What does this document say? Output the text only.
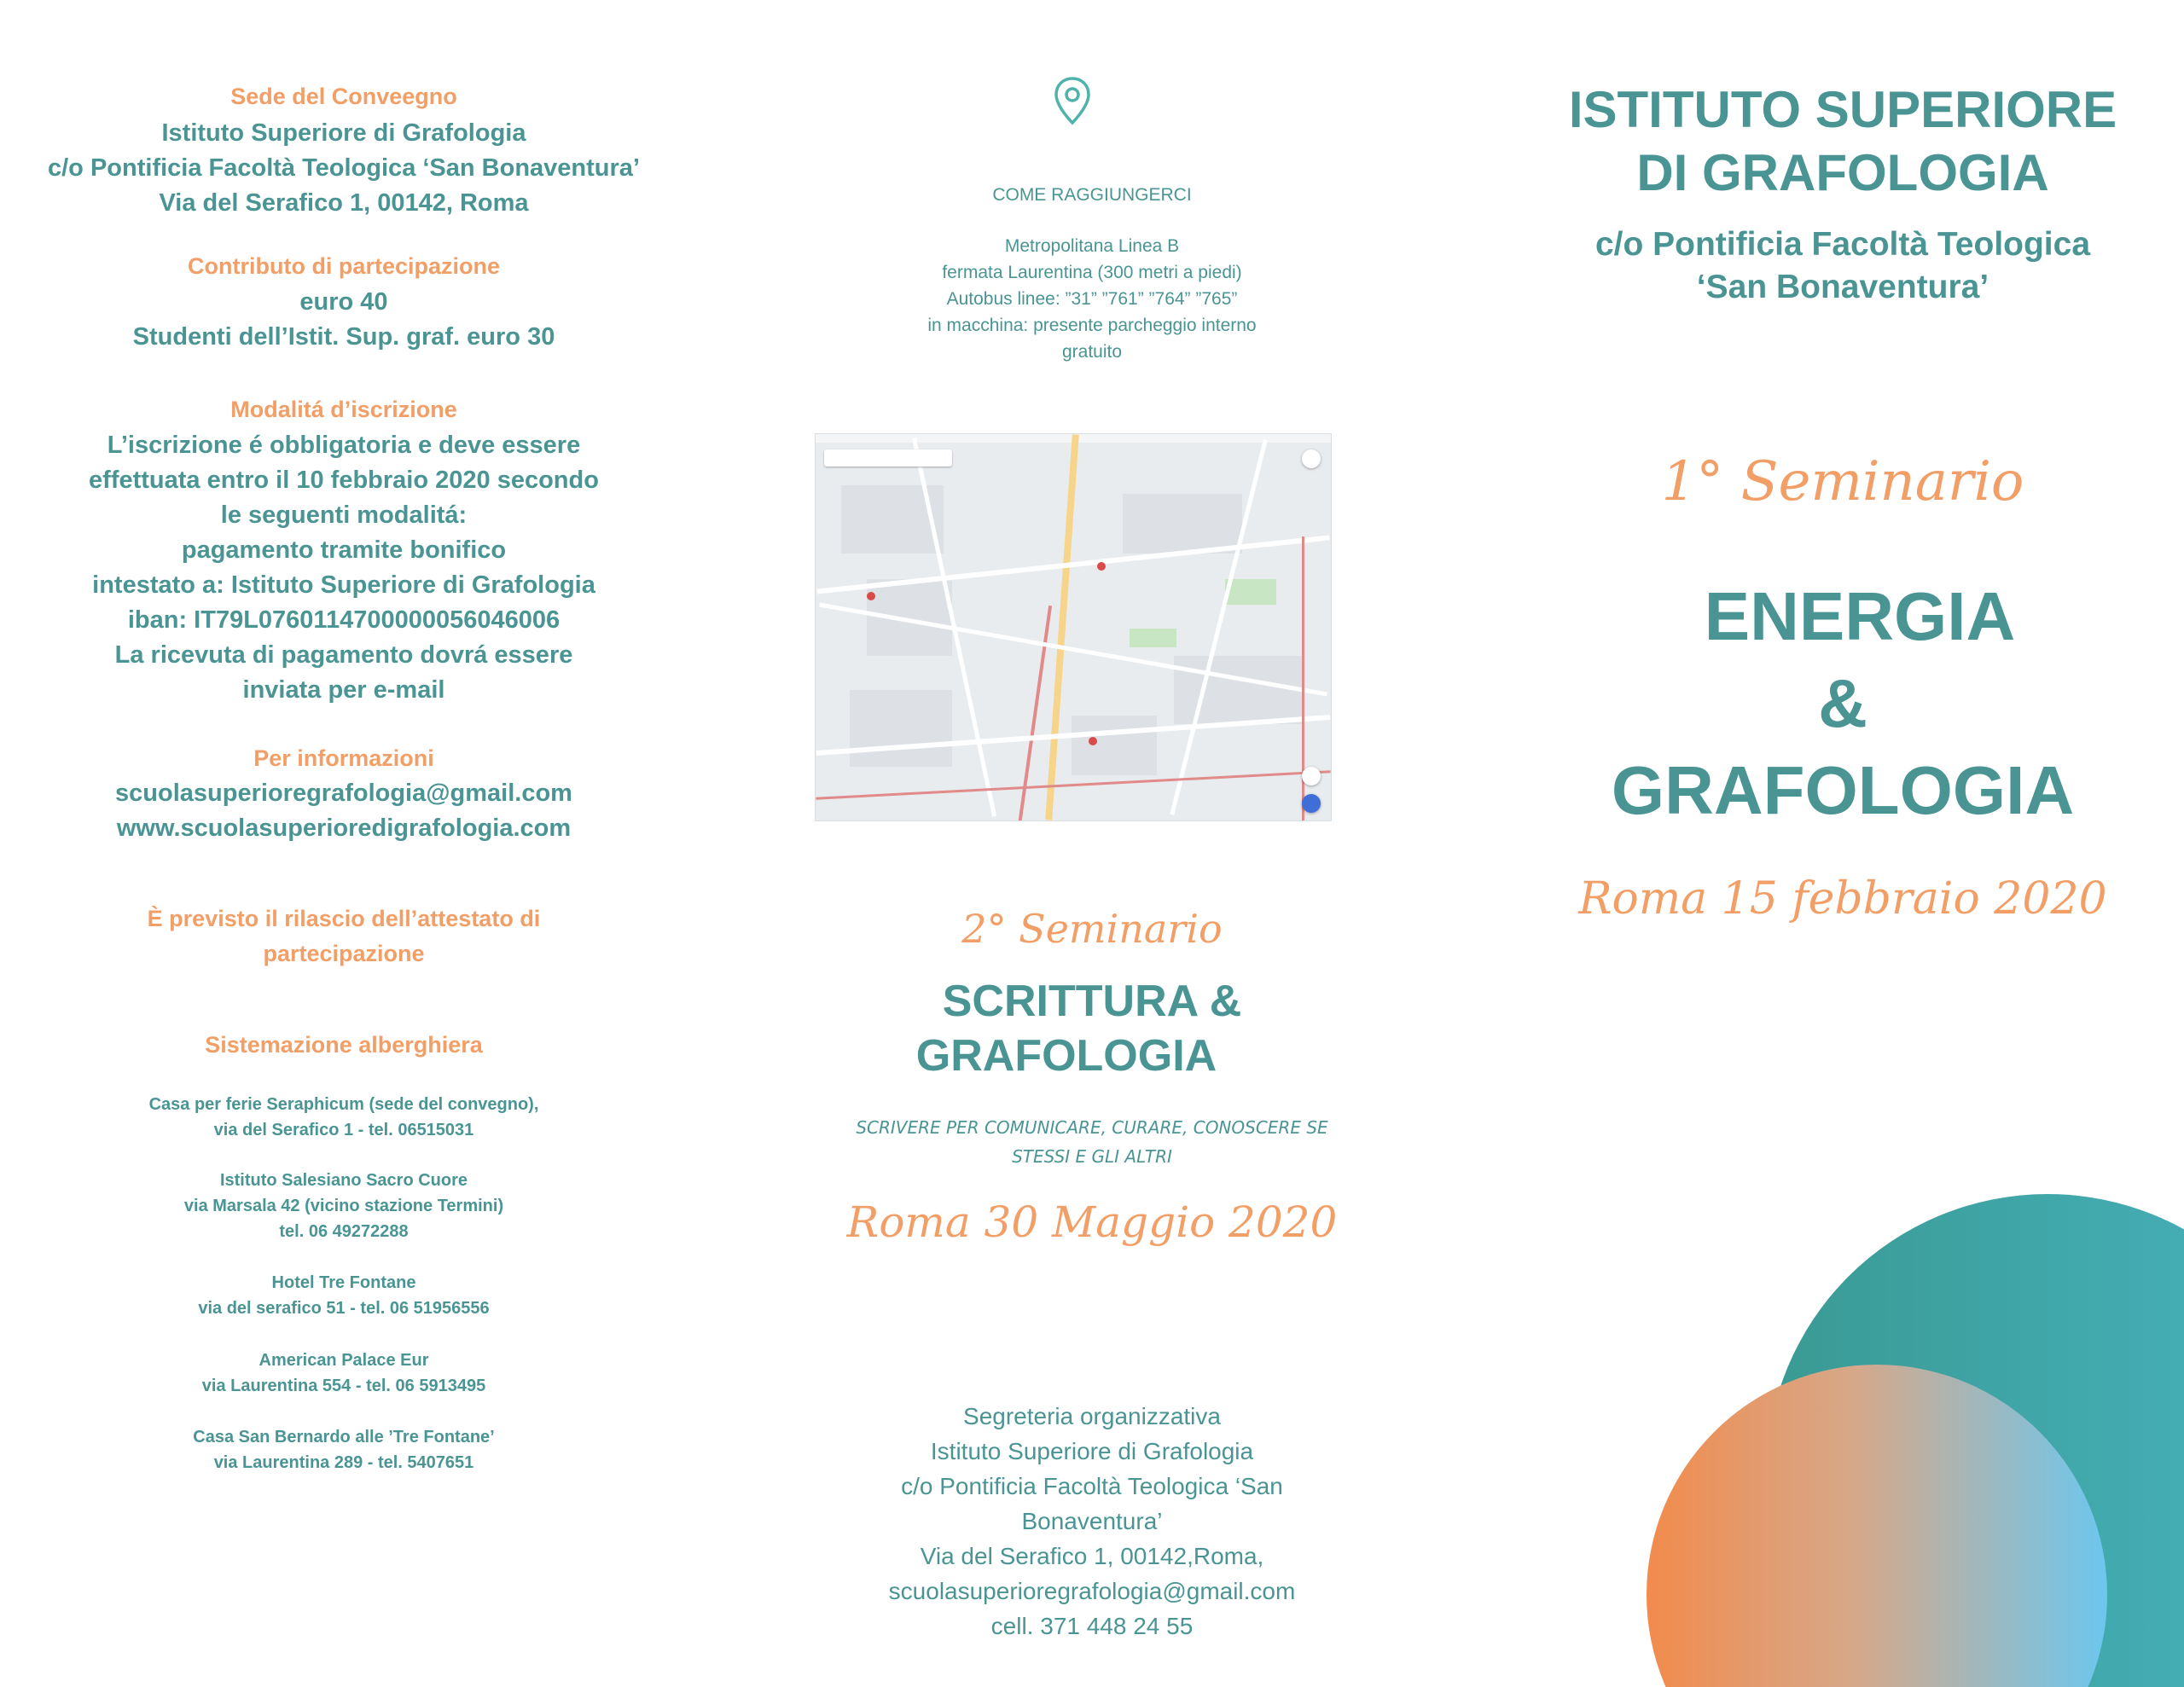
Sede del Conveegno
Istituto Superiore di Grafologia
c/o Pontificia Facoltà Teologica ‘San Bonaventura’
Via del Serafico 1, 00142, Roma
Contributo di partecipazione
euro 40
Studenti dell’Istit. Sup. graf. euro 30
Modalitá d’iscrizione
L’iscrizione é obbligatoria e deve essere
effettuata entro il 10 febbraio 2020 secondo
le seguenti modalitá:
pagamento tramite bonifico
intestato a: Istituto Superiore di Grafologia
iban: IT79L0760114700000056046006
La ricevuta di pagamento dovrá essere
inviata per e-mail
Per informazioni
scuolasuperioregrafologia@gmail.com
www.scuolasuperioredigrafologia.com
È previsto il rilascio dell’attestato di
partecipazione
Sistemazione alberghiera
Casa per ferie Seraphicum (sede del convegno),
via del Serafico 1 - tel. 06515031
Istituto Salesiano Sacro Cuore
via Marsala 42 (vicino stazione Termini)
tel. 06 49272288
Hotel Tre Fontane
via del serafico 51 - tel. 06 51956556
American Palace Eur
via Laurentina 554 - tel. 06 5913495
Casa San Bernardo alle ’Tre Fontane’
via Laurentina 289 - tel. 5407651
COME RAGGIUNGERCI
Metropolitana Linea B
fermata Laurentina (300 metri a piedi)
Autobus linee: ”31” ”761” ”764” ”765”
in macchina: presente parcheggio interno
gratuito
2° Seminario
SCRITTURA &
GRAFOLOGIA
SCRIVERE PER COMUNICARE, CURARE, CONOSCERE SE
STESSI E GLI ALTRI
Roma 30 Maggio 2020
Segreteria organizzativa
Istituto Superiore di Grafologia
c/o Pontificia Facoltà Teologica ‘San
Bonaventura’
Via del Serafico 1, 00142,Roma,
scuolasuperioregrafologia@gmail.com
cell. 371 448 24 55
ISTITUTO SUPERIORE
DI GRAFOLOGIA
c/o Pontificia Facoltà Teologica
‘San Bonaventura’
1° Seminario
ENERGIA
&
GRAFOLOGIA
Roma 15 febbraio 2020
